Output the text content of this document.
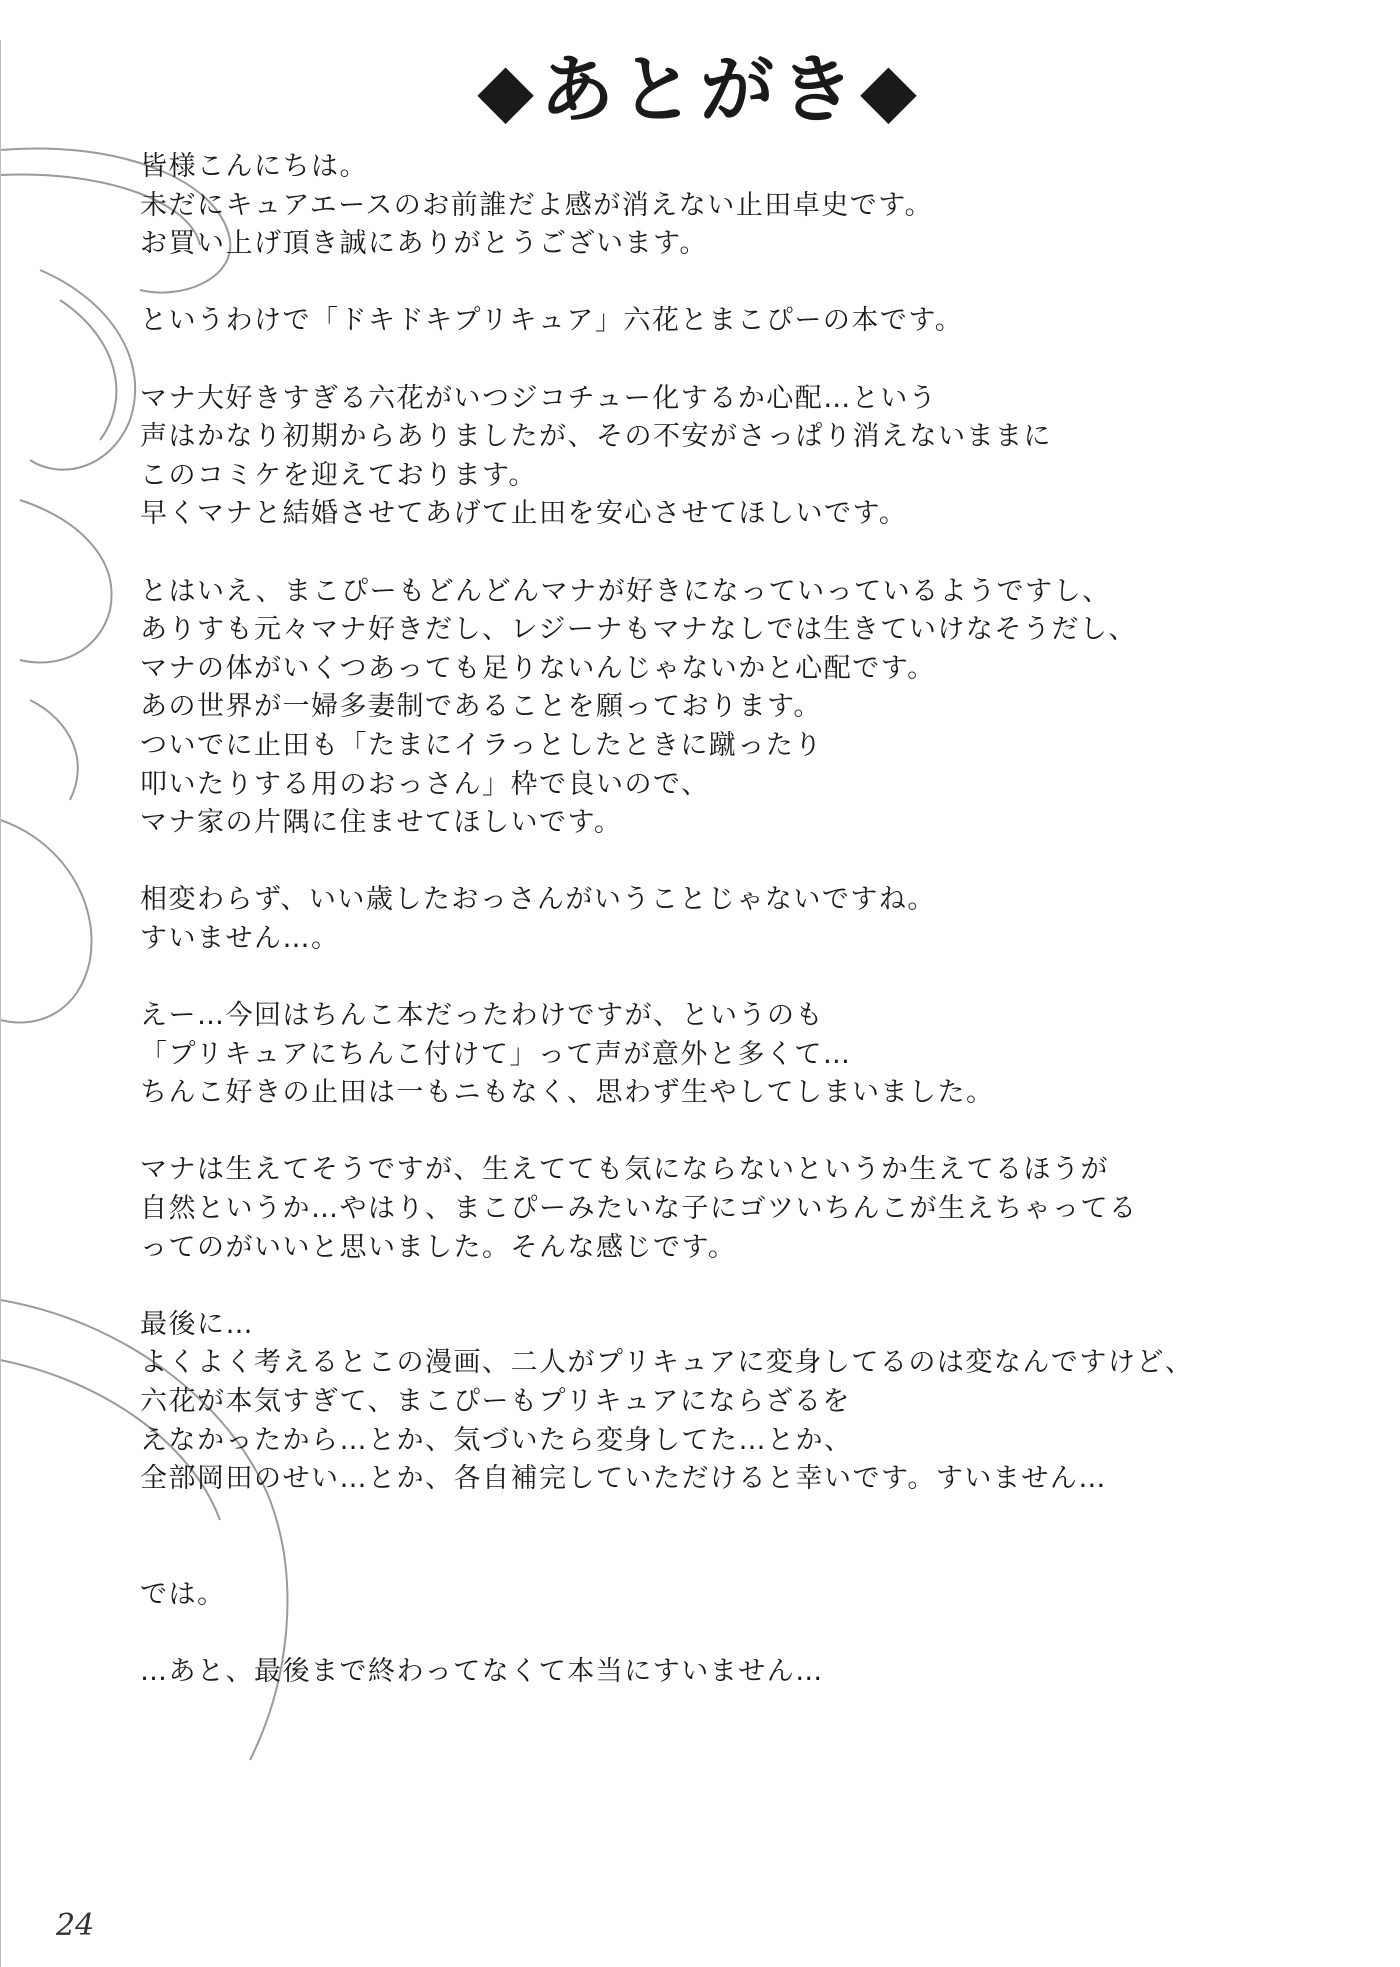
◆あとがき◆
皆様こんにちは。
未だにキュアエースのお前誰だよ感が消えない止田卓史です。
お買い上げ頂き誠にありがとうございます。
というわけで「ドキドキプリキュア」六花とまこぴーの本です。
マナ大好きすぎる六花がいつジコチュー化するか心配…という
声はかなり初期からありましたが、その不安がさっぱり消えないままに
このコミケを迎えております。
早くマナと結婚させてあげて止田を安心させてほしいです。
とはいえ、まこぴーもどんどんマナが好きになっていっているようですし、
ありすも元々マナ好きだし、レジーナもマナなしでは生きていけなそうだし、
マナの体がいくつあっても足りないんじゃないかと心配です。
あの世界が一婦多妻制であることを願っております。
ついでに止田も「たまにイラっとしたときに蹴ったり
叩いたりする用のおっさん」枠で良いので、
マナ家の片隅に住ませてほしいです。
相変わらず、いい歳したおっさんがいうことじゃないですね。
すいません…。
えー…今回はちんこ本だったわけですが、というのも
「プリキュアにちんこ付けて」って声が意外と多くて…
ちんこ好きの止田は一もニもなく、思わず生やしてしまいました。
マナは生えてそうですが、生えてても気にならないというか生えてるほうが
自然というか…やはり、まこぴーみたいな子にゴツいちんこが生えちゃってる
ってのがいいと思いました。そんな感じです。
最後に…
よくよく考えるとこの漫画、二人がプリキュアに変身してるのは変なんですけど、
六花が本気すぎて、まこぴーもプリキュアにならざるを
えなかったから…とか、気づいたら変身してた…とか、
全部岡田のせい…とか、各自補完していただけると幸いです。すいません…
では。
…あと、最後まで終わってなくて本当にすいません…
24
